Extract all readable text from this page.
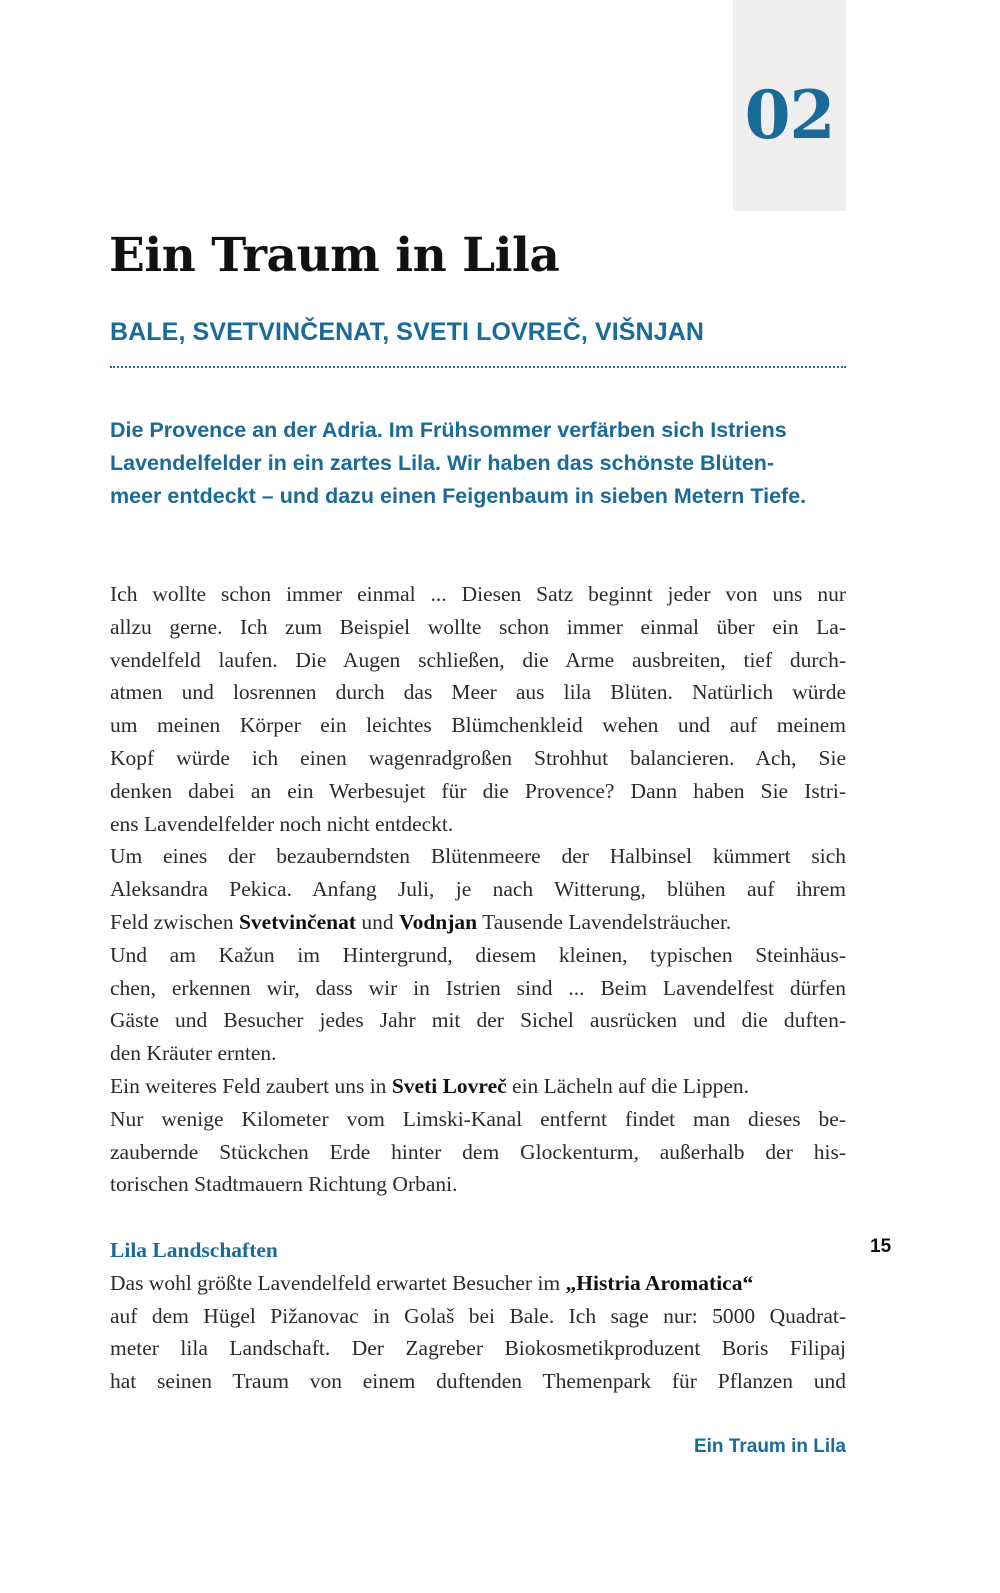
02
Ein Traum in Lila
BALE, SVETVINČENAT, SVETI LOVREČ, VIŠNJAN

Die Provence an der Adria. Im Frühsommer verfärben sich Istriens
Lavendelfelder in ein zartes Lila. Wir haben das schönste Blüten-
meer entdeckt – und dazu einen Feigenbaum in sieben Metern Tiefe.

Ich wollte schon immer einmal ... Diesen Satz beginnt jeder von uns nur
allzu gerne. Ich zum Beispiel wollte schon immer einmal über ein La-
vendelfeld laufen. Die Augen schließen, die Arme ausbreiten, tief durch-
atmen und losrennen durch das Meer aus lila Blüten. Natürlich würde
um meinen Körper ein leichtes Blümchenkleid wehen und auf meinem
Kopf würde ich einen wagenradgroßen Strohhut balancieren. Ach, Sie
denken dabei an ein Werbesujet für die Provence? Dann haben Sie Istri-
ens Lavendelfelder noch nicht entdeckt.
Um eines der bezauberndsten Blütenmeere der Halbinsel kümmert sich
Aleksandra Pekica. Anfang Juli, je nach Witterung, blühen auf ihrem
Feld zwischen Svetvinčenat und Vodnjan Tausende Lavendelsträucher.
Und am Kažun im Hintergrund, diesem kleinen, typischen Steinhäus-
chen, erkennen wir, dass wir in Istrien sind ... Beim Lavendelfest dürfen
Gäste und Besucher jedes Jahr mit der Sichel ausrücken und die duften-
den Kräuter ernten.
Ein weiteres Feld zaubert uns in Sveti Lovreč ein Lächeln auf die Lippen.
Nur wenige Kilometer vom Limski-Kanal entfernt findet man dieses be-
zaubernde Stückchen Erde hinter dem Glockenturm, außerhalb der his-
torischen Stadtmauern Richtung Orbani.
Lila Landschaften
Das wohl größte Lavendelfeld erwartet Besucher im „Histria Aromatica“
auf dem Hügel Pižanovac in Golaš bei Bale. Ich sage nur: 5000 Quadrat-
meter lila Landschaft. Der Zagreber Biokosmetikproduzent Boris Filipaj
hat seinen Traum von einem duftenden Themenpark für Pflanzen und
15
Ein Traum in Lila
